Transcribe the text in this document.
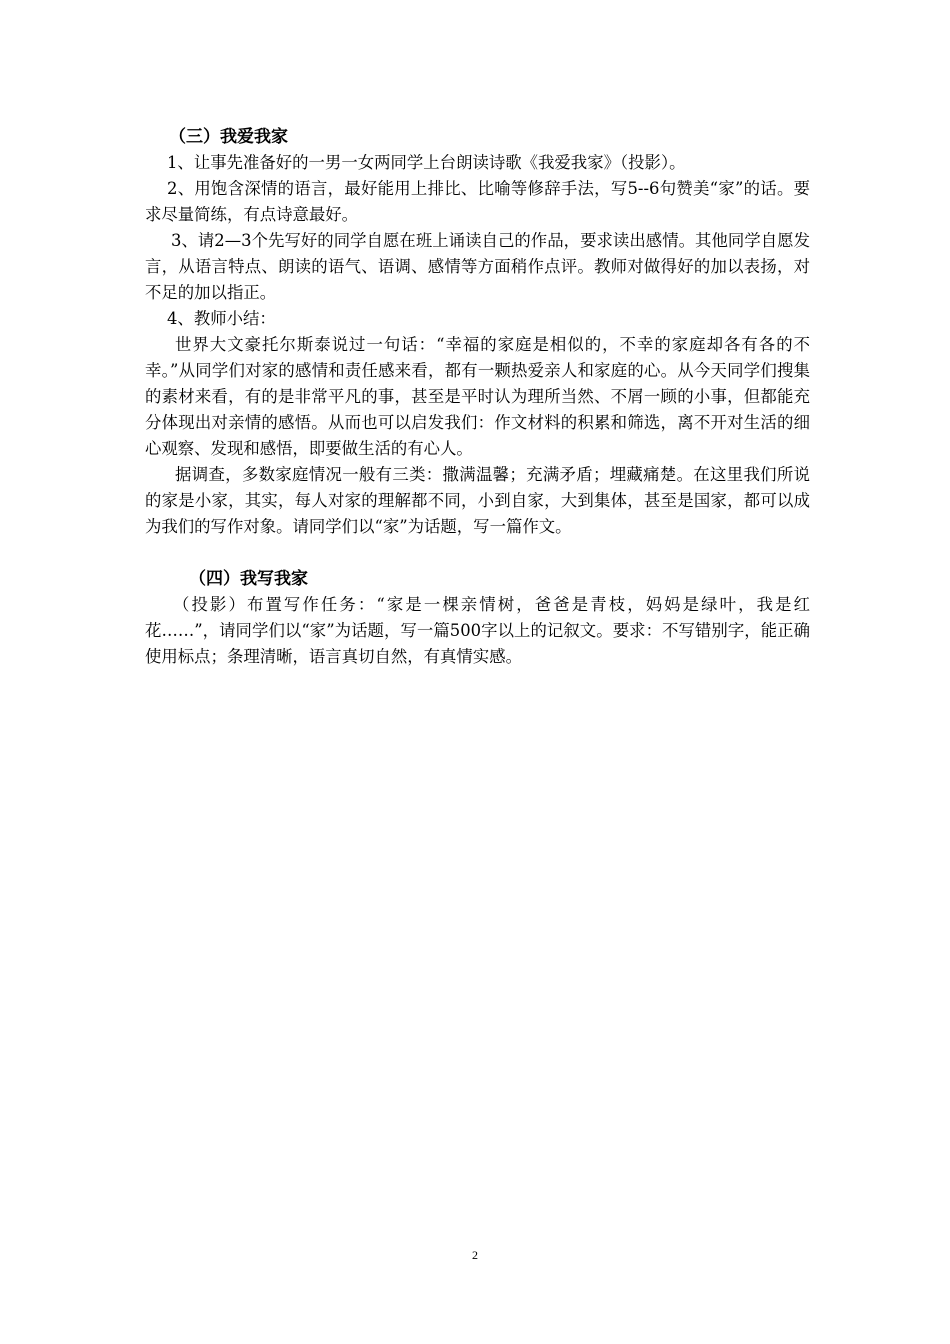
（三）我爱我家

1、让事先准备好的一男一女两同学上台朗读诗歌《我爱我家》（投影）。

2、用饱含深情的语言，最好能用上排比、比喻等修辞手法，写5--6句赞美“家”的话。要求尽量简练，有点诗意最好。

3、请2—3个先写好的同学自愿在班上诵读自己的作品，要求读出感情。其他同学自愿发言，从语言特点、朗读的语气、语调、感情等方面稍作点评。教师对做得好的加以表扬，对不足的加以指正。

4、教师小结：

世界大文豪托尔斯泰说过一句话：“幸福的家庭是相似的，不幸的家庭却各有各的不幸。”从同学们对家的感情和责任感来看，都有一颗热爱亲人和家庭的心。从今天同学们搜集的素材来看，有的是非常平凡的事，甚至是平时认为理所当然、不屑一顾的小事，但都能充分体现出对亲情的感悟。从而也可以启发我们：作文材料的积累和筛选，离不开对生活的细心观察、发现和感悟，即要做生活的有心人。

据调查，多数家庭情况一般有三类：撒满温馨；充满矛盾；埋藏痛楚。在这里我们所说的家是小家，其实，每人对家的理解都不同，小到自家，大到集体，甚至是国家，都可以成为我们的写作对象。请同学们以“家”为话题，写一篇作文。

（四）我写我家

（投影）布置写作任务：“家是一棵亲情树，爸爸是青枝，妈妈是绿叶，我是红花……”，请同学们以“家”为话题，写一篇500字以上的记叙文。要求：不写错别字，能正确使用标点；条理清晰，语言真切自然，有真情实感。

2
